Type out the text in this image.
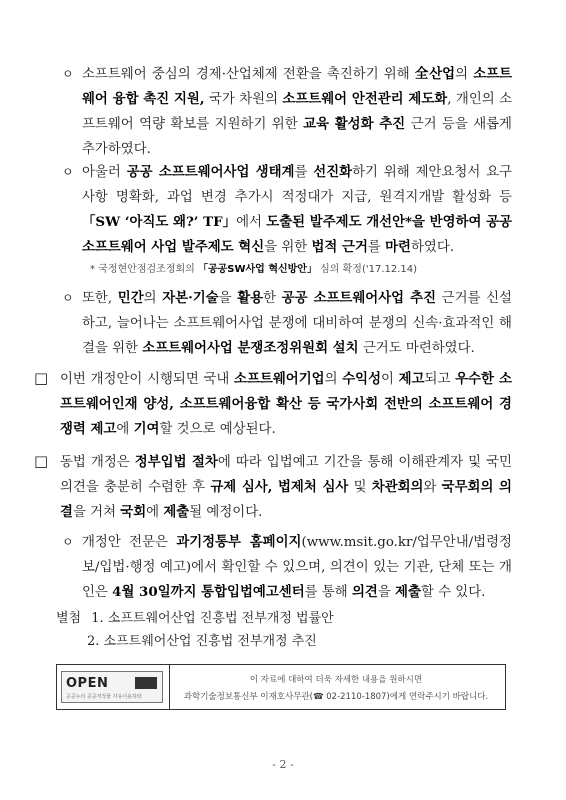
ㅇ 소프트웨어 중심의 경제·산업체제 전환을 촉진하기 위해 全산업의 소프트웨어 융합 촉진 지원, 국가 차원의 소프트웨어 안전관리 제도화, 개인의 소프트웨어 역량 확보를 지원하기 위한 교육 활성화 추진 근거 등을 새롭게 추가하였다.
ㅇ 아울러 공공 소프트웨어사업 생태계를 선진화하기 위해 제안요청서 요구사항 명확화, 과업 변경 추가시 적정대가 지급, 원격지개발 활성화 등 「SW ‘아직도 왜?’ TF」에서 도출된 발주제도 개선안*을 반영하여 공공 소프트웨어 사업 발주제도 혁신을 위한 법적 근거를 마련하였다.
* 국정현안점검조정회의 「공공SW사업 혁신방안」 심의 확정('17.12.14)
ㅇ 또한, 민간의 자본·기술을 활용한 공공 소프트웨어사업 추진 근거를 신설하고, 늘어나는 소프트웨어사업 분쟁에 대비하여 분쟁의 신속·효과적인 해결을 위한 소프트웨어사업 분쟁조정위원회 설치 근거도 마련하였다.
□ 이번 개정안이 시행되면 국내 소프트웨어기업의 수익성이 제고되고 우수한 소프트웨어인재 양성, 소프트웨어융합 확산 등 국가사회 전반의 소프트웨어 경쟁력 제고에 기여할 것으로 예상된다.
□ 동법 개정은 정부입법 절차에 따라 입법예고 기간을 통해 이해관계자 및 국민 의견을 충분히 수렴한 후 규제 심사, 법제처 심사 및 차관회의와 국무회의 의결을 거쳐 국회에 제출될 예정이다.
ㅇ 개정안 전문은 과기정통부 홈페이지(www.msit.go.kr/업무안내/법령정보/입법·행정 예고)에서 확인할 수 있으며, 의견이 있는 기관, 단체 또는 개인은 4월 30일까지 통합입법예고센터를 통해 의견을 제출할 수 있다.
별첨 1. 소프트웨어산업 진흥법 전부개정 법률안
2. 소프트웨어산업 진흥법 전부개정 추진
OPEN
공공누리 공공저작물 자유이용허락
이 자료에 대하여 더욱 자세한 내용을 원하시면
과학기술정보통신부 이재호사무관(☎ 02-2110-1807)에게 연락주시기 바랍니다.
- 2 -
